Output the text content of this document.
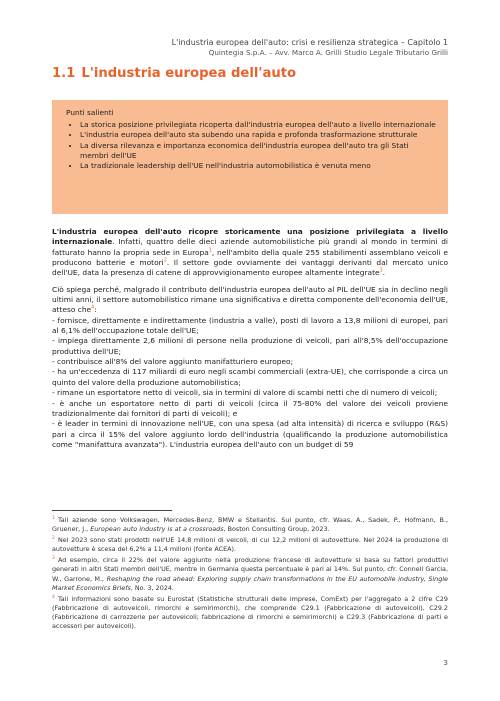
L'industria europea dell'auto: crisi e resilienza strategica – Capitolo 1
Quintegia S.p.A. – Avv. Marco A. Grilli Studio Legale Tributario Grilli
1.1 L'industria europea dell'auto
Punti salienti
• La storica posizione privilegiata ricoperta dall'industria europea dell'auto a livello internazionale
• L'industria europea dell'auto sta subendo una rapida e profonda trasformazione strutturale
• La diversa rilevanza e importanza economica dell'industria europea dell'auto tra gli Stati membri dell'UE
• La tradizionale leadership dell'UE nell'industria automobilistica è venuta meno

L'industria europea dell'auto ricopre storicamente una posizione privilegiata a livello internazionale. Infatti, quattro delle dieci aziende automobilistiche più grandi al mondo in termini di fatturato hanno la propria sede in Europa$^1$, nell'ambito della quale 255 stabilimenti assemblano veicoli e producono batterie e motori$^2$. Il settore gode ovviamente dei vantaggi derivanti dal mercato unico dell'UE, data la presenza di catene di approvvigionamento europee altamente integrate$^3$.

Ciò spiega perché, malgrado il contributo dell'industria europea dell'auto al PIL dell'UE sia in declino negli ultimi anni, il settore automobilistico rimane una significativa e diretta componente dell'economia dell'UE, atteso che$^4$:
- fornisce, direttamente e indirettamente (industria a valle), posti di lavoro a 13,8 milioni di europei, pari al 6,1% dell'occupazione totale dell'UE;
- impiega direttamente 2,6 milioni di persone nella produzione di veicoli, pari all'8,5% dell'occupazione produttiva dell'UE;
- contribuisce all'8% del valore aggiunto manifatturiero europeo;
- ha un'eccedenza di 117 miliardi di euro negli scambi commerciali (extra-UE), che corrisponde a circa un quinto del valore della produzione automobilistica;
- rimane un esportatore netto di veicoli, sia in termini di valore di scambi netti che di numero di veicoli;
- è anche un esportatore netto di parti di veicoli (circa il 75-80% del valore dei veicoli proviene tradizionalmente dai fornitori di parti di veicoli); e
- è leader in termini di innovazione nell'UE, con una spesa (ad alta intensità) di ricerca e sviluppo (R&S) pari a circa il 15% del valore aggiunto lordo dell'industria (qualificando la produzione automobilistica come "manifattura avanzata"). L'industria europea dell'auto con un budget di 59

$^1$ Tali aziende sono Volkswagen, Mercedes-Benz, BMW e Stellantis. Sul punto, cfr. Waas, A., Sadek, P., Hofmann, B., Gruener, J., European auto industry is at a crossroads, Boston Consulting Group, 2023.
$^2$ Nel 2023 sono stati prodotti nell'UE 14,8 milioni di veicoli, di cui 12,2 milioni di autovetture. Nel 2024 la produzione di autovetture è scesa del 6,2% a 11,4 milioni (fonte ACEA).
$^3$ Ad esempio, circa il 22% del valore aggiunto nella produzione francese di autovetture si basa su fattori produttivi generati in altri Stati membri dell'UE, mentre in Germania questa percentuale è pari al 14%. Sul punto, cfr. Connell Garcia, W., Garrone, M., Reshaping the road ahead: Exploring supply chain transformations in the EU automobile industry, Single Market Economics Briefs, No. 3, 2024.
$^4$ Tali informazioni sono basate su Eurostat (Statistiche strutturali delle imprese, ComExt) per l'aggregato a 2 cifre C29 (Fabbricazione di autoveicoli, rimorchi e semirimorchi), che comprende C29.1 (Fabbricazione di autoveicoli), C29.2 (Fabbricazione di carrozzerie per autoveicoli; fabbricazione di rimorchi e semirimorchi) e C29.3 (Fabbricazione di parti e accessori per autoveicoli).
3
